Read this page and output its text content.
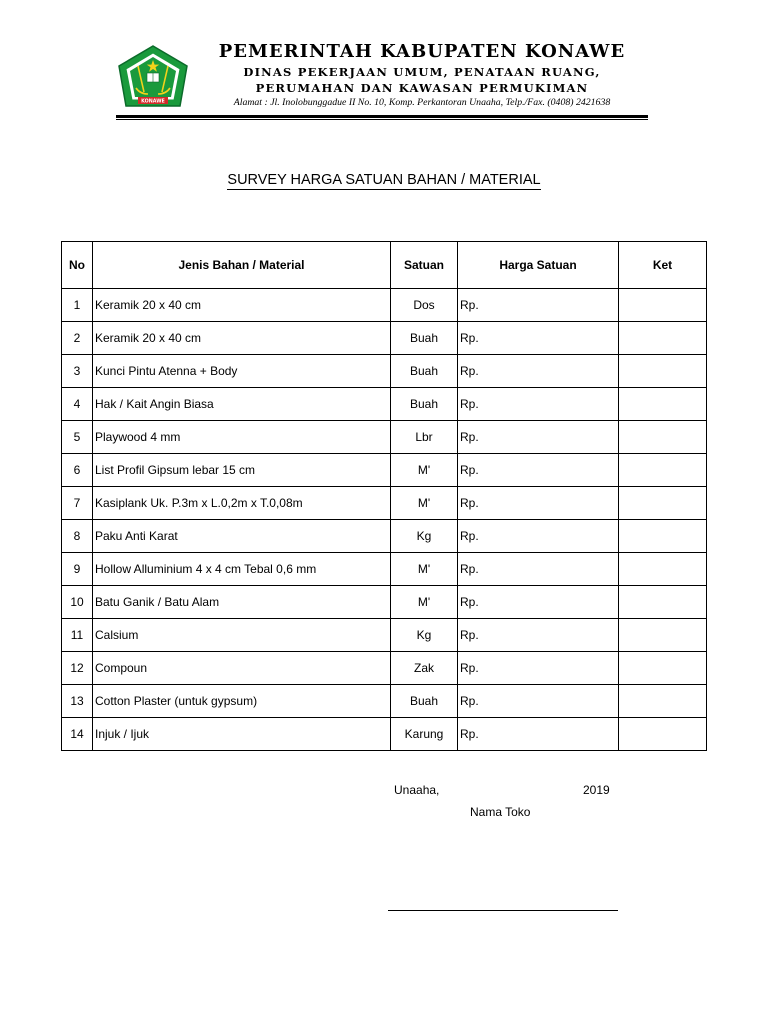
KONAWE
PEMERINTAH KABUPATEN KONAWE
DINAS PEKERJAAN UMUM, PENATAAN RUANG,
PERUMAHAN DAN KAWASAN PERMUKIMAN
Alamat : Jl. Inolobunggadue II No. 10, Komp. Perkantoran Unaaha, Telp./Fax. (0408) 2421638
SURVEY HARGA SATUAN BAHAN / MATERIAL
No	Jenis Bahan / Material	Satuan	Harga Satuan	Ket
1	Keramik 20 x 40 cm	Dos	Rp.	
2	Keramik 20 x 40 cm	Buah	Rp.	
3	Kunci Pintu Atenna + Body	Buah	Rp.	
4	Hak / Kait Angin Biasa	Buah	Rp.	
5	Playwood 4 mm	Lbr	Rp.	
6	List Profil Gipsum lebar 15 cm	M'	Rp.	
7	Kasiplank Uk. P.3m x L.0,2m x T.0,08m	M'	Rp.	
8	Paku Anti Karat	Kg	Rp.	
9	Hollow Alluminium 4 x 4 cm Tebal 0,6 mm	M'	Rp.	
10	Batu Ganik / Batu Alam	M'	Rp.	
11	Calsium	Kg	Rp.	
12	Compoun	Zak	Rp.	
13	Cotton Plaster (untuk gypsum)	Buah	Rp.	
14	Injuk / Ijuk	Karung	Rp.	
Unaaha,	2019
Nama Toko
